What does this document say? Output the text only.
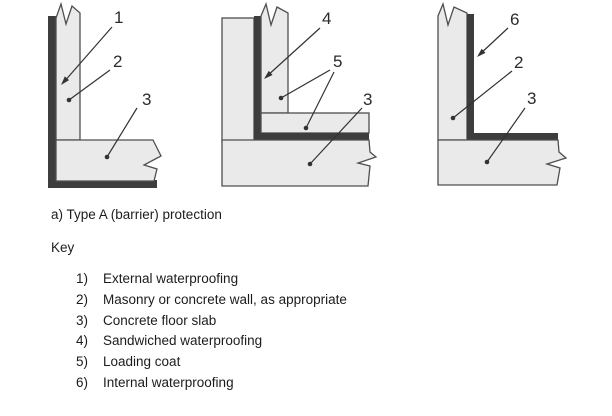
1
2
3
4
5
3
6
2
3
a) Type A (barrier) protection
Key
1) External waterproofing
2) Masonry or concrete wall, as appropriate
3) Concrete floor slab
4) Sandwiched waterproofing
5) Loading coat
6) Internal waterproofing
